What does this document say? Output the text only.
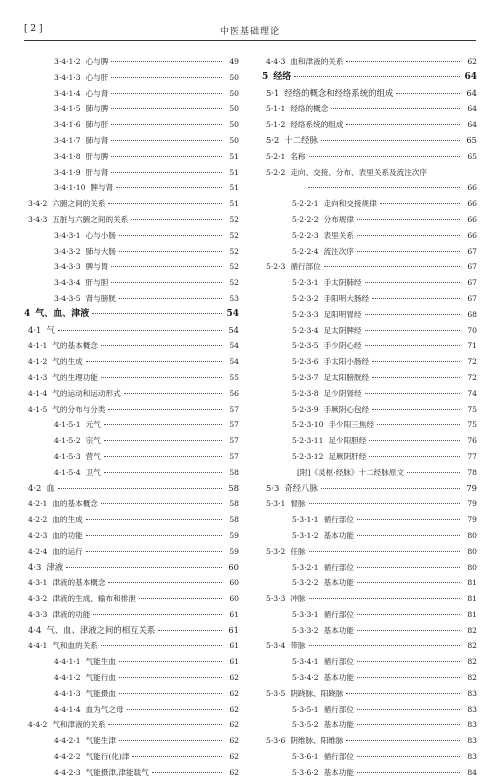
[ 2 ]	中医基础理论
3·4·1·2 心与脾	49
3·4·1·3 心与肝	50
3·4·1·4 心与肾	50
3·4·1·5 肺与脾	50
3·4·1·6 肺与肝	50
3·4·1·7 肺与肾	50
3·4·1·8 肝与脾	51
3·4·1·9 肝与肾	51
3·4·1·10 脾与肾	51
3·4·2 六腑之间的关系	51
3·4·3 五脏与六腑之间的关系	52
3·4·3·1 心与小肠	52
3·4·3·2 肺与大肠	52
3·4·3·3 脾与胃	52
3·4·3·4 肝与胆	52
3·4·3·5 肾与膀胱	53
4 气、血、津液	54
4·1 气	54
4·1·1 气的基本概念	54
4·1·2 气的生成	54
4·1·3 气的生理功能	55
4·1·4 气的运动和运动形式	56
4·1·5 气的分布与分类	57
4·1·5·1 元气	57
4·1·5·2 宗气	57
4·1·5·3 营气	57
4·1·5·4 卫气	58
4·2 血	58
4·2·1 血的基本概念	58
4·2·2 血的生成	58
4·2·3 血的功能	59
4·2·4 血的运行	59
4·3 津液	60
4·3·1 津液的基本概念	60
4·3·2 津液的生成、输布和排泄	60
4·3·3 津液的功能	61
4·4 气、血、津液之间的相互关系	61
4·4·1 气和血的关系	61
4·4·1·1 气能生血	61
4·4·1·2 气能行血	62
4·4·1·3 气能摄血	62
4·4·1·4 血为气之母	62
4·4·2 气和津液的关系	62
4·4·2·1 气能生津	62
4·4·2·2 气能行(化)津	62
4·4·2·3 气能摄津,津能载气	62
4·4·3 血和津液的关系	62
5 经络	64
5·1 经络的概念和经络系统的组成	64
5·1·1 经络的概念	64
5·1·2 经络系统的组成	64
5·2 十二经脉	65
5·2·1 名称	65
5·2·2 走向、交接、分布、表里关系及流注次序
66
5·2·2·1 走向和交接规律	66
5·2·2·2 分布规律	66
5·2·2·3 表里关系	66
5·2·2·4 流注次序	67
5·2·3 循行部位	67
5·2·3·1 手太阴肺经	67
5·2·3·2 手阳明大肠经	67
5·2·3·3 足阳明胃经	68
5·2·3·4 足太阴脾经	70
5·2·3·5 手少阴心经	71
5·2·3·6 手太阳小肠经	72
5·2·3·7 足太阳膀胱经	72
5·2·3·8 足少阴肾经	74
5·2·3·9 手厥阴心包经	75
5·2·3·10 手少阳三焦经	75
5·2·3·11 足少阳胆经	76
5·2·3·12 足厥阴肝经	77
[附]《灵枢·经脉》十二经脉原文	78
5·3 奇经八脉	79
5·3·1 督脉	79
5·3·1·1 循行部位	79
5·3·1·2 基本功能	80
5·3·2 任脉	80
5·3·2·1 循行部位	80
5·3·2·2 基本功能	81
5·3·3 冲脉	81
5·3·3·1 循行部位	81
5·3·3·2 基本功能	82
5·3·4 带脉	82
5·3·4·1 循行部位	82
5·3·4·2 基本功能	82
5·3·5 阴跷脉、阳跷脉	83
5·3·5·1 循行部位	83
5·3·5·2 基本功能	83
5·3·6 阴维脉、阳维脉	83
5·3·6·1 循行部位	83
5·3·6·2 基本功能	84
